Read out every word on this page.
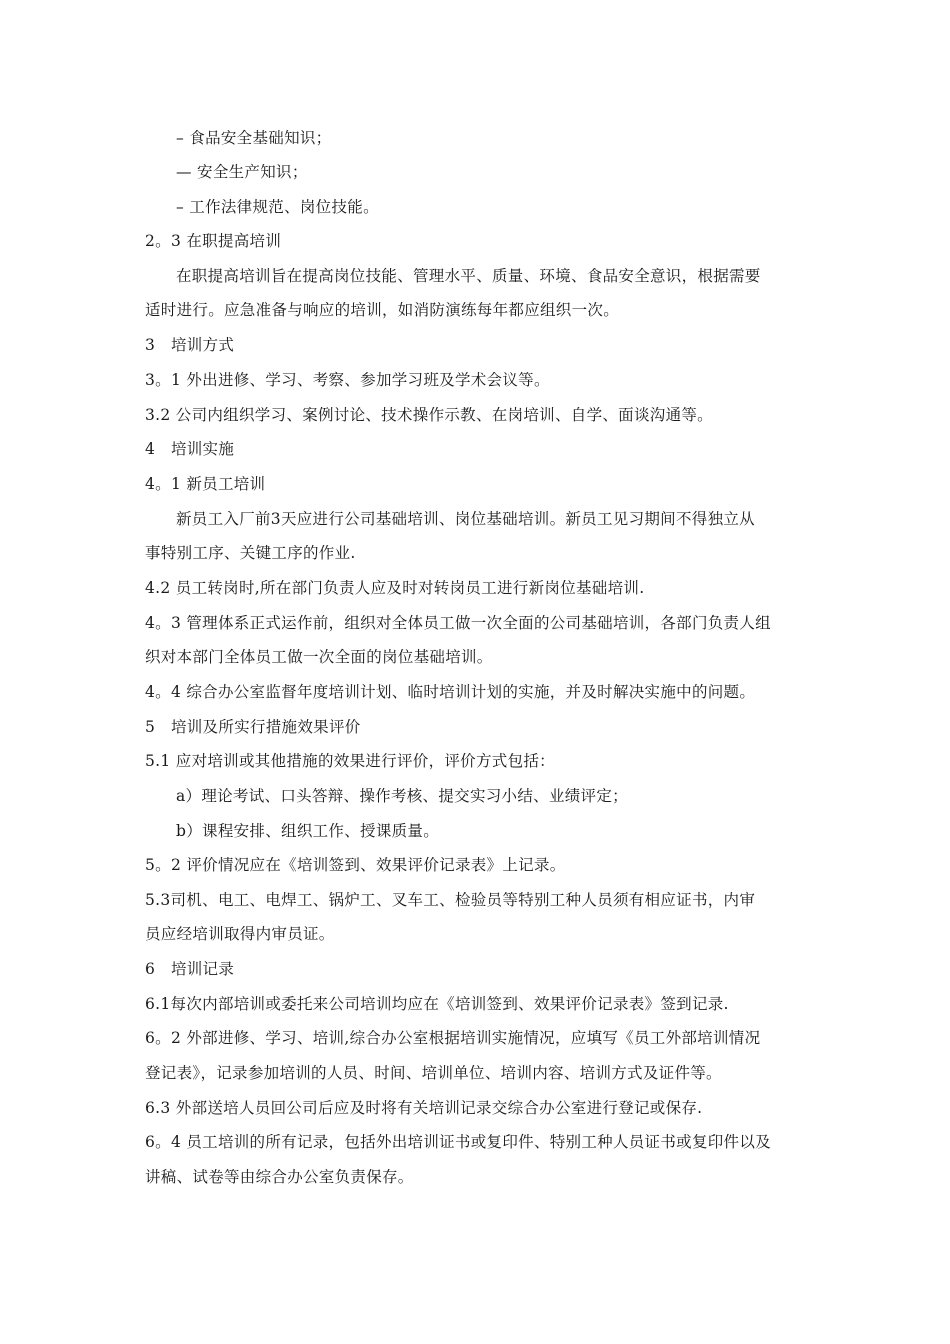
– 食品安全基础知识；
— 安全生产知识；
– 工作法律规范、岗位技能。
2。3 在职提高培训
在职提高培训旨在提高岗位技能、管理水平、质量、环境、食品安全意识，根据需要
适时进行。应急准备与响应的培训，如消防演练每年都应组织一次。
3　培训方式
3。1 外出进修、学习、考察、参加学习班及学术会议等。
3.2 公司内组织学习、案例讨论、技术操作示教、在岗培训、自学、面谈沟通等。
4　培训实施
4。1 新员工培训
新员工入厂前3天应进行公司基础培训、岗位基础培训。新员工见习期间不得独立从
事特别工序、关键工序的作业.
4.2 员工转岗时,所在部门负责人应及时对转岗员工进行新岗位基础培训.
4。3 管理体系正式运作前，组织对全体员工做一次全面的公司基础培训，各部门负责人组
织对本部门全体员工做一次全面的岗位基础培训。
4。4 综合办公室监督年度培训计划、临时培训计划的实施，并及时解决实施中的问题。
5　培训及所实行措施效果评价
5.1 应对培训或其他措施的效果进行评价，评价方式包括：
a）理论考试、口头答辩、操作考核、提交实习小结、业绩评定；
b）课程安排、组织工作、授课质量。
5。2 评价情况应在《培训签到、效果评价记录表》上记录。
5.3司机、电工、电焊工、锅炉工、叉车工、检验员等特别工种人员须有相应证书，内审
员应经培训取得内审员证。
6　培训记录
6.1每次内部培训或委托来公司培训均应在《培训签到、效果评价记录表》签到记录.
6。2 外部进修、学习、培训,综合办公室根据培训实施情况，应填写《员工外部培训情况
登记表》，记录参加培训的人员、时间、培训单位、培训内容、培训方式及证件等。
6.3 外部送培人员回公司后应及时将有关培训记录交综合办公室进行登记或保存.
6。4 员工培训的所有记录，包括外出培训证书或复印件、特别工种人员证书或复印件以及
讲稿、试卷等由综合办公室负责保存。
